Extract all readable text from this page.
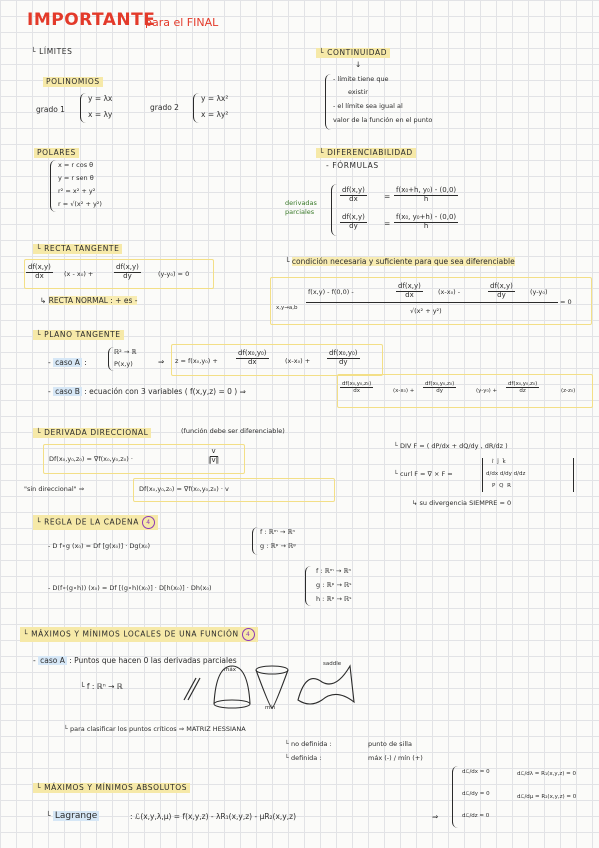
IMPORTANTE
para el FINAL
└ LÍMITES
POLINOMIOS
grado 1
y = λx
x = λy
grado 2
y = λx²
x = λy²
POLARES
x = r cos θ
y = r sen θ
r² = x² + y²
r = √(x² + y²)
└ CONTINUIDAD
↓
- límite tiene que
existir
- el límite sea igual al
valor de la función en el punto
└ DIFERENCIABILIDAD
- FÓRMULAS
derivadas
parciales
df(x,y)
dx	=
f(x₀+h, y₀) - (0,0)
h
df(x,y)
dy	=
f(x₀, y₀+h) - (0,0)
h
└ condición necesaria y suficiente para que sea diferenciable
x,y→a,b
f(x,y) - f(0,0) -
df(x,y)
dx	(x-x₀) -
df(x,y)
dy	(y-y₀)
√(x² + y²)
= 0
└ RECTA TANGENTE
df(x,y)
dx	(x - x₀) +
df(x,y)
dy	(y-y₀) = 0
↳ RECTA NORMAL : + es -
└ PLANO TANGENTE
- caso A :
ℝ² → ℝ
P(x,y)	⇒ z = f(x₀,y₀) +
df(x₀,y₀)
dx	(x-x₀) +
df(x₀,y₀)
dy
- caso B : ecuación con 3 variables ( f(x,y,z) = 0 ) ⇒
df(x₀,y₀,z₀)
dx	(x-x₀) +
df(x₀,y₀,z₀)
dy	(y-y₀) +
df(x₀,y₀,z₀)
dz	(z-z₀)
└ DERIVADA DIRECCIONAL	(función debe ser diferenciable)
Df(x₀,y₀,z₀) = ∇f(x₀,y₀,z₀) ·
v
‖v‖
"sin direccional" ⇒	Df(x₀,y₀,z₀) = ∇f(x₀,y₀,z₀) · v
└ DIV F = ( dP/dx + dQ/dy , dR/dz )
└ curl F = ∇ × F =
î ĵ k̂
d/dx d/dy d/dz
P Q R
↳ su divergencia SIEMPRE = 0
└ REGLA DE LA CADENA 4
- D f∘g (x₀) = Df [g(x₀)] · Dg(x₀)
f : ℝᵐ → ℝⁿ
g : ℝᵖ → ℝᵍ
- D(f∘(g∘h)) (x₀) = Df [(g∘h)(x₀)] · D[h(x₀)] · Dh(x₀)
f : ℝᵐ → ℝⁿ
g : ℝᵖ → ℝˢ
h : ℝᵖ → ℝˢ
└ MÁXIMOS Y MÍNIMOS LOCALES DE UNA FUNCIÓN 4
- caso A : Puntos que hacen 0 las derivadas parciales
└ f : ℝⁿ → ℝ
máx
mín
saddle
└ para clasificar los puntos críticos ⇒ MATRIZ HESSIANA
└ no definida :	punto de silla
└ definida :	máx (-) / mín (+)
└ MÁXIMOS Y MÍNIMOS ABSOLUTOS
└ Lagrange	: ℒ(x,y,λ,μ) = f(x,y,z) - λR₁(x,y,z) - μR₂(x,y,z)	⇒
dℒ/dx = 0
dℒ/dy = 0
dℒ/dz = 0
dℒ/dλ = R₁(x,y,z) = 0
dℒ/dμ = R₂(x,y,z) = 0
